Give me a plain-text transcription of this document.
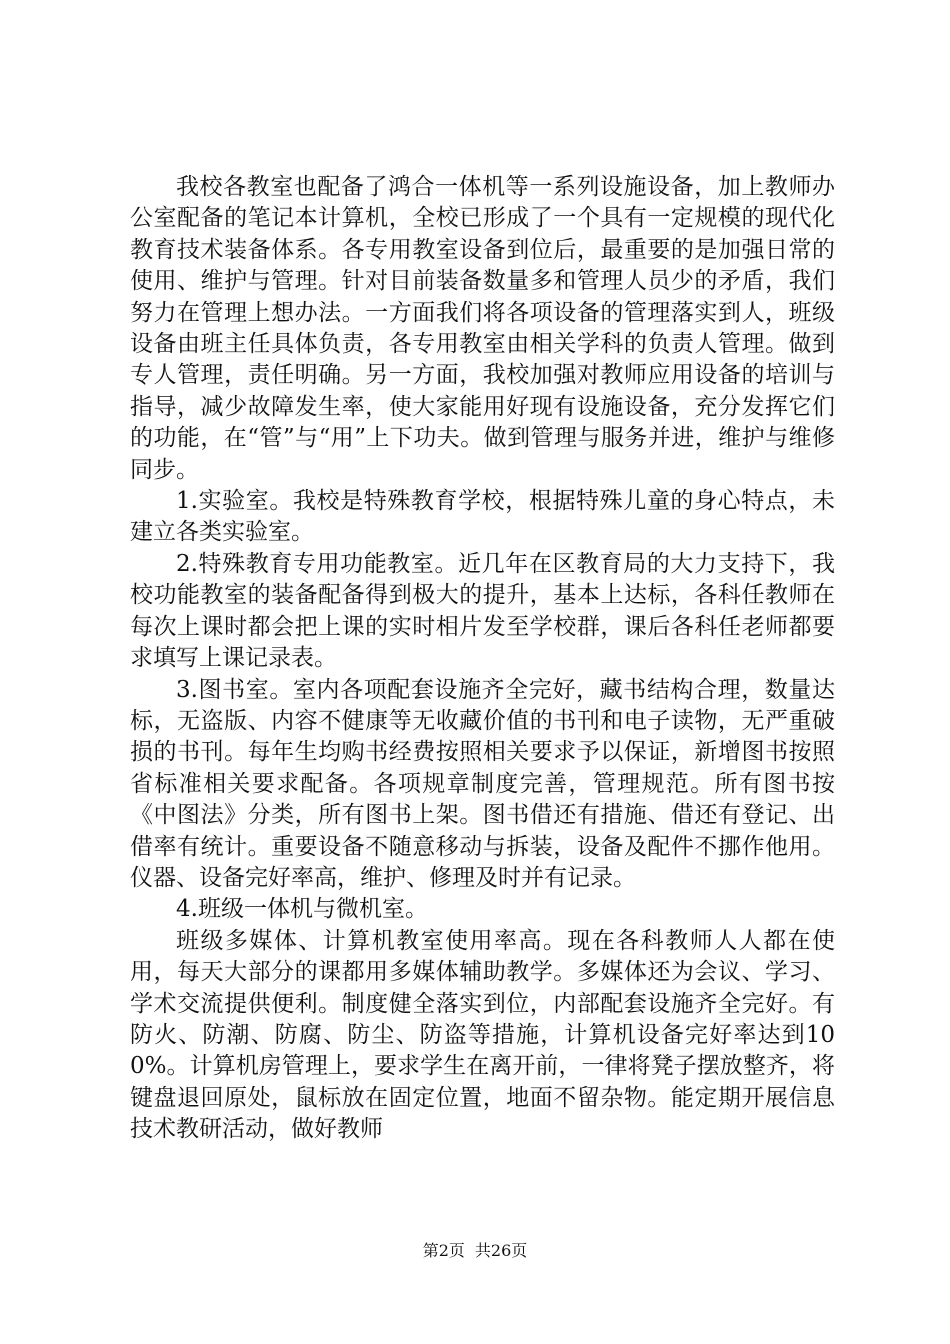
我校各教室也配备了鸿合一体机等一系列设施设备，加上教师办公室配备的笔记本计算机，全校已形成了一个具有一定规模的现代化教育技术装备体系。各专用教室设备到位后，最重要的是加强日常的使用、维护与管理。针对目前装备数量多和管理人员少的矛盾，我们努力在管理上想办法。一方面我们将各项设备的管理落实到人，班级设备由班主任具体负责，各专用教室由相关学科的负责人管理。做到专人管理，责任明确。另一方面，我校加强对教师应用设备的培训与指导，减少故障发生率，使大家能用好现有设施设备，充分发挥它们的功能，在“管”与“用”上下功夫。做到管理与服务并进，维护与维修同步。

1.实验室。我校是特殊教育学校，根据特殊儿童的身心特点，未建立各类实验室。

2.特殊教育专用功能教室。近几年在区教育局的大力支持下，我校功能教室的装备配备得到极大的提升，基本上达标，各科任教师在每次上课时都会把上课的实时相片发至学校群，课后各科任老师都要求填写上课记录表。

3.图书室。室内各项配套设施齐全完好，藏书结构合理，数量达标，无盗版、内容不健康等无收藏价值的书刊和电子读物，无严重破损的书刊。每年生均购书经费按照相关要求予以保证，新增图书按照省标准相关要求配备。各项规章制度完善，管理规范。所有图书按《中图法》分类，所有图书上架。图书借还有措施、借还有登记、出借率有统计。重要设备不随意移动与拆装，设备及配件不挪作他用。仪器、设备完好率高，维护、修理及时并有记录。

4.班级一体机与微机室。

班级多媒体、计算机教室使用率高。现在各科教师人人都在使用，每天大部分的课都用多媒体辅助教学。多媒体还为会议、学习、学术交流提供便利。制度健全落实到位，内部配套设施齐全完好。有防火、防潮、防腐、防尘、防盗等措施，计算机设备完好率达到100%。计算机房管理上，要求学生在离开前，一律将凳子摆放整齐，将键盘退回原处，鼠标放在固定位置，地面不留杂物。能定期开展信息技术教研活动，做好教师

第2页 共26页
